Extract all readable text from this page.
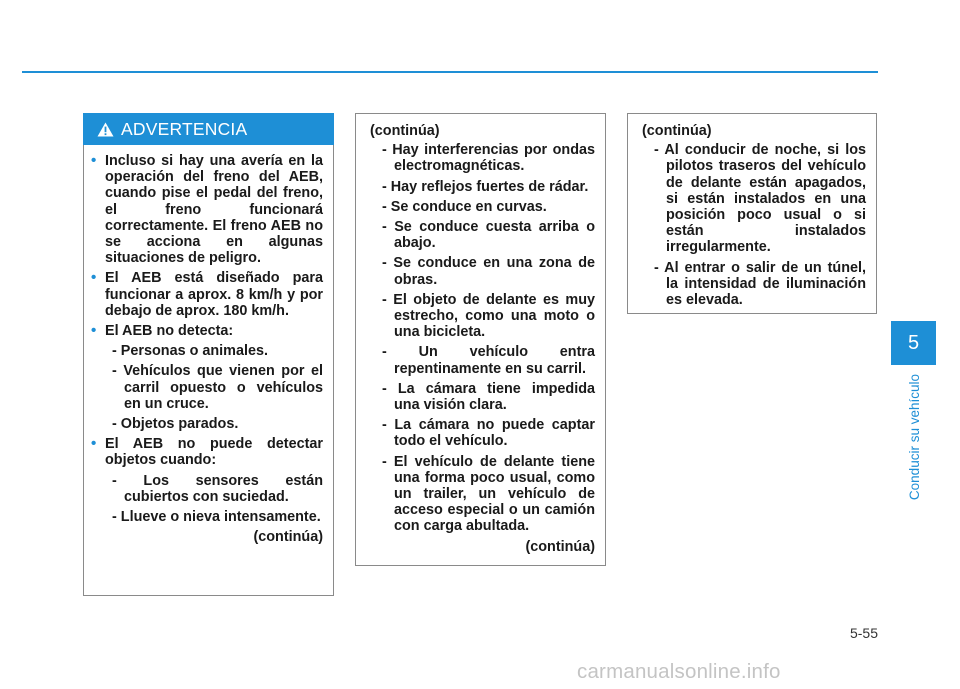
ADVERTENCIA
• Incluso si hay una avería en la operación del freno del AEB, cuando pise el pedal del freno, el freno funcionará correctamente. El freno AEB no se acciona en algunas situaciones de peligro.
• El AEB está diseñado para funcionar a aprox. 8 km/h y por debajo de aprox. 180 km/h.
• El AEB no detecta:
- Personas o animales.
- Vehículos que vienen por el carril opuesto o vehículos en un cruce.
- Objetos parados.
• El AEB no puede detectar objetos cuando:
- Los sensores están cubiertos con suciedad.
- Llueve o nieva intensamente.
(continúa)
(continúa)
- Hay interferencias por ondas electromagnéticas.
- Hay reflejos fuertes de rádar.
- Se conduce en curvas.
- Se conduce cuesta arriba o abajo.
- Se conduce en una zona de obras.
- El objeto de delante es muy estrecho, como una moto o una bicicleta.
- Un vehículo entra repentinamente en su carril.
- La cámara tiene impedida una visión clara.
- La cámara no puede captar todo el vehículo.
- El vehículo de delante tiene una forma poco usual, como un trailer, un vehículo de acceso especial o un camión con carga abultada.
(continúa)
(continúa)
- Al conducir de noche, si los pilotos traseros del vehículo de delante están apagados, si están instalados en una posición poco usual o si están instalados irregularmente.
- Al entrar o salir de un túnel, la intensidad de iluminación es elevada.
5
Conducir su vehículo
5-55
carmanualsonline.info
